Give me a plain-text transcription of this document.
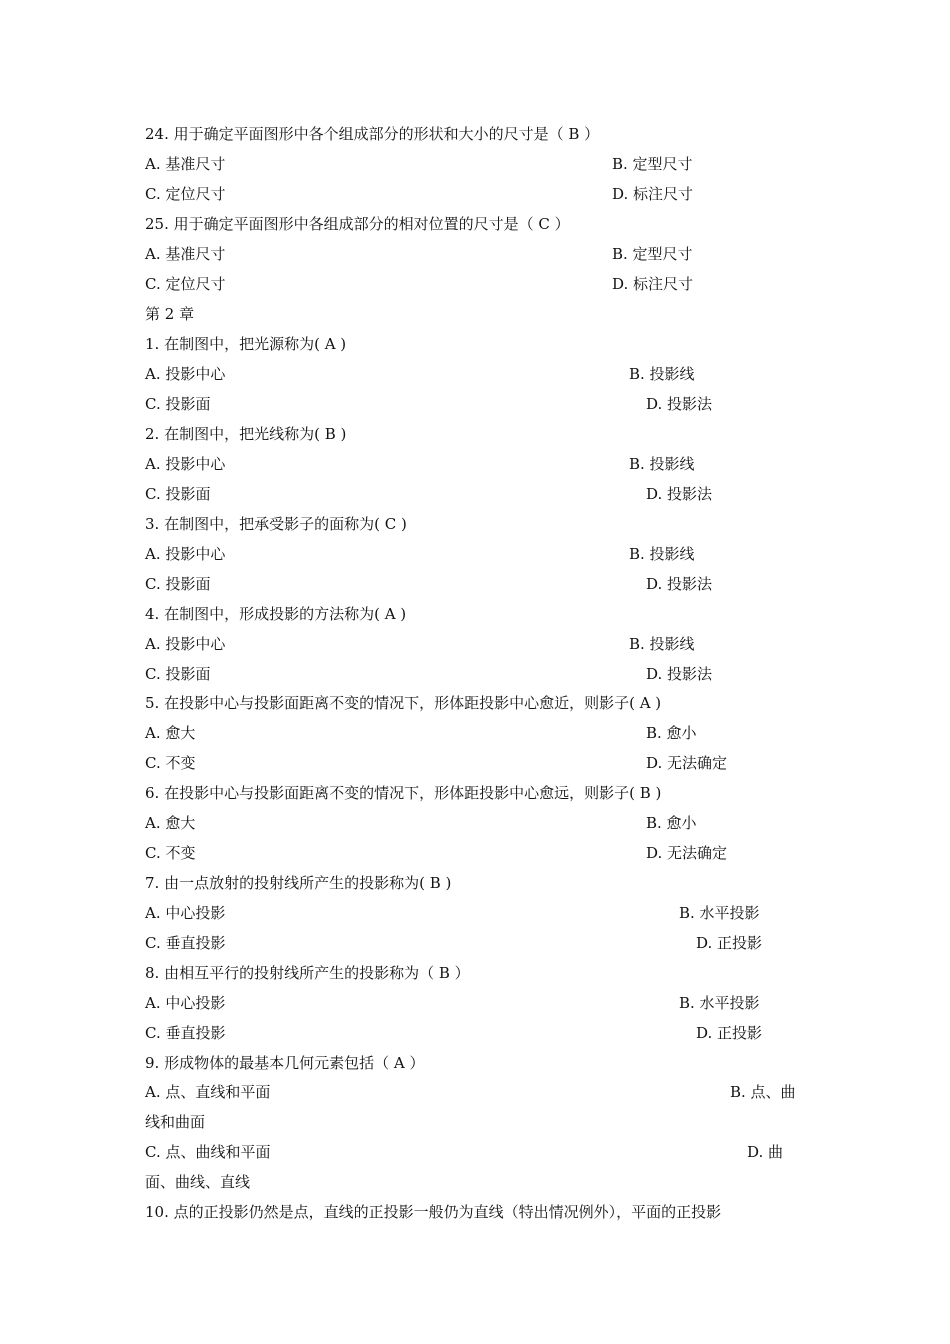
24. 用于确定平面图形中各个组成部分的形状和大小的尺寸是（ B ）
A. 基准尺寸	B. 定型尺寸
C. 定位尺寸	D. 标注尺寸
25. 用于确定平面图形中各组成部分的相对位置的尺寸是（ C ）
A. 基准尺寸	B. 定型尺寸
C. 定位尺寸	D. 标注尺寸
第 2 章
1. 在制图中，把光源称为( A )
A. 投影中心	B. 投影线
C. 投影面	D. 投影法
2. 在制图中，把光线称为( B )
A. 投影中心	B. 投影线
C. 投影面	D. 投影法
3. 在制图中，把承受影子的面称为( C )
A. 投影中心	B. 投影线
C. 投影面	D. 投影法
4. 在制图中，形成投影的方法称为( A )
A. 投影中心	B. 投影线
C. 投影面	D. 投影法
5. 在投影中心与投影面距离不变的情况下，形体距投影中心愈近，则影子( A )
A. 愈大	B. 愈小
C. 不变	D. 无法确定
6. 在投影中心与投影面距离不变的情况下，形体距投影中心愈远，则影子( B )
A. 愈大	B. 愈小
C. 不变	D. 无法确定
7. 由一点放射的投射线所产生的投影称为( B )
A. 中心投影	B. 水平投影
C. 垂直投影	D. 正投影
8. 由相互平行的投射线所产生的投影称为（ B ）
A. 中心投影	B. 水平投影
C. 垂直投影	D. 正投影
9. 形成物体的最基本几何元素包括（ A ）
A. 点、直线和平面	B. 点、曲
线和曲面
C. 点、曲线和平面	D. 曲
面、曲线、直线
10. 点的正投影仍然是点，直线的正投影一般仍为直线（特出情况例外），平面的正投影
